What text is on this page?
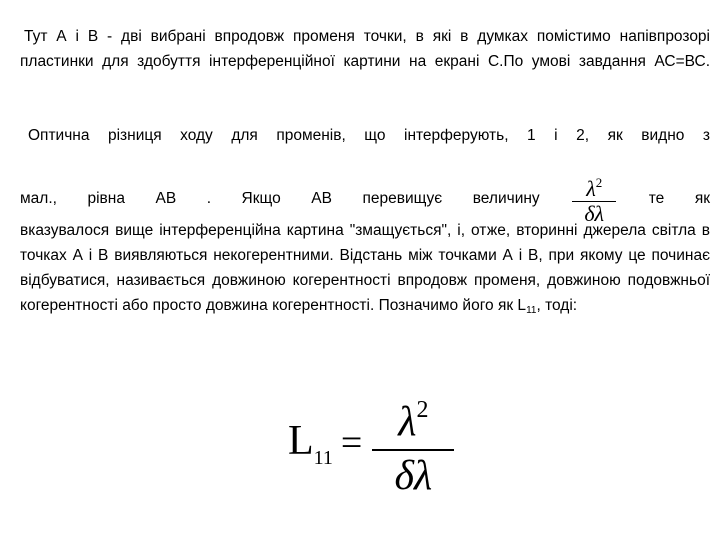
Тут А і В - дві вибрані впродовж променя точки, в які в думках помістимо напівпрозорі пластинки для здобуття інтерференційної картини на екрані С.По умові завдання АС=ВС.
Оптична різниця ходу для променів, що інтерферують, 1 і 2, як видно з
мал., рівна АВ . Якщо АВ перевищує величину $\frac{\lambda^2}{\delta\lambda}$ те як
вказувалося вище інтерференційна картина "змащується", і, отже, вторинні джерела світла в точках А і В виявляються некогерентними. Відстань між точками А і В, при якому це починає відбуватися, називається довжиною когерентності впродовж променя, довжиною подовжньої когерентності або просто довжина когерентності. Позначимо його як $L_{11}$, тоді:
$L_{11} = \frac{\lambda^2}{\delta\lambda}$
